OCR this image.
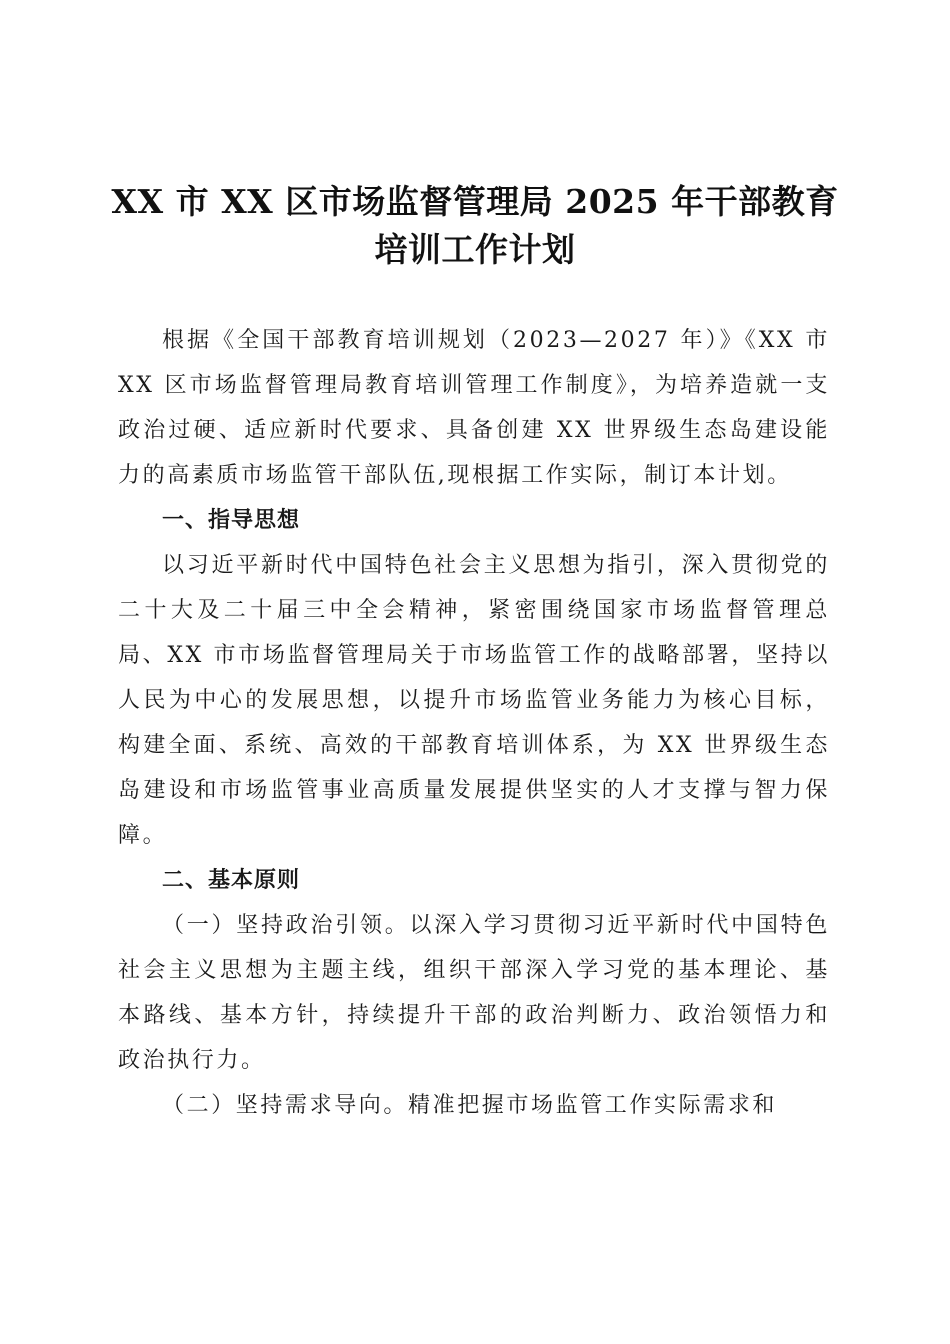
XX 市 XX 区市场监督管理局 2025 年干部教育
培训工作计划

根据《全国干部教育培训规划（2023—2027 年）》《XX 市 XX 区市场监督管理局教育培训管理工作制度》，为培养造就一支政治过硬、适应新时代要求、具备创建 XX 世界级生态岛建设能力的高素质市场监管干部队伍,现根据工作实际，制订本计划。

一、指导思想

以习近平新时代中国特色社会主义思想为指引，深入贯彻党的二十大及二十届三中全会精神，紧密围绕国家市场监督管理总局、XX 市市场监督管理局关于市场监管工作的战略部署，坚持以人民为中心的发展思想，以提升市场监管业务能力为核心目标，构建全面、系统、高效的干部教育培训体系，为 XX 世界级生态岛建设和市场监管事业高质量发展提供坚实的人才支撑与智力保障。

二、基本原则

（一）坚持政治引领。以深入学习贯彻习近平新时代中国特色社会主义思想为主题主线，组织干部深入学习党的基本理论、基本路线、基本方针，持续提升干部的政治判断力、政治领悟力和政治执行力。

（二）坚持需求导向。精准把握市场监管工作实际需求和
